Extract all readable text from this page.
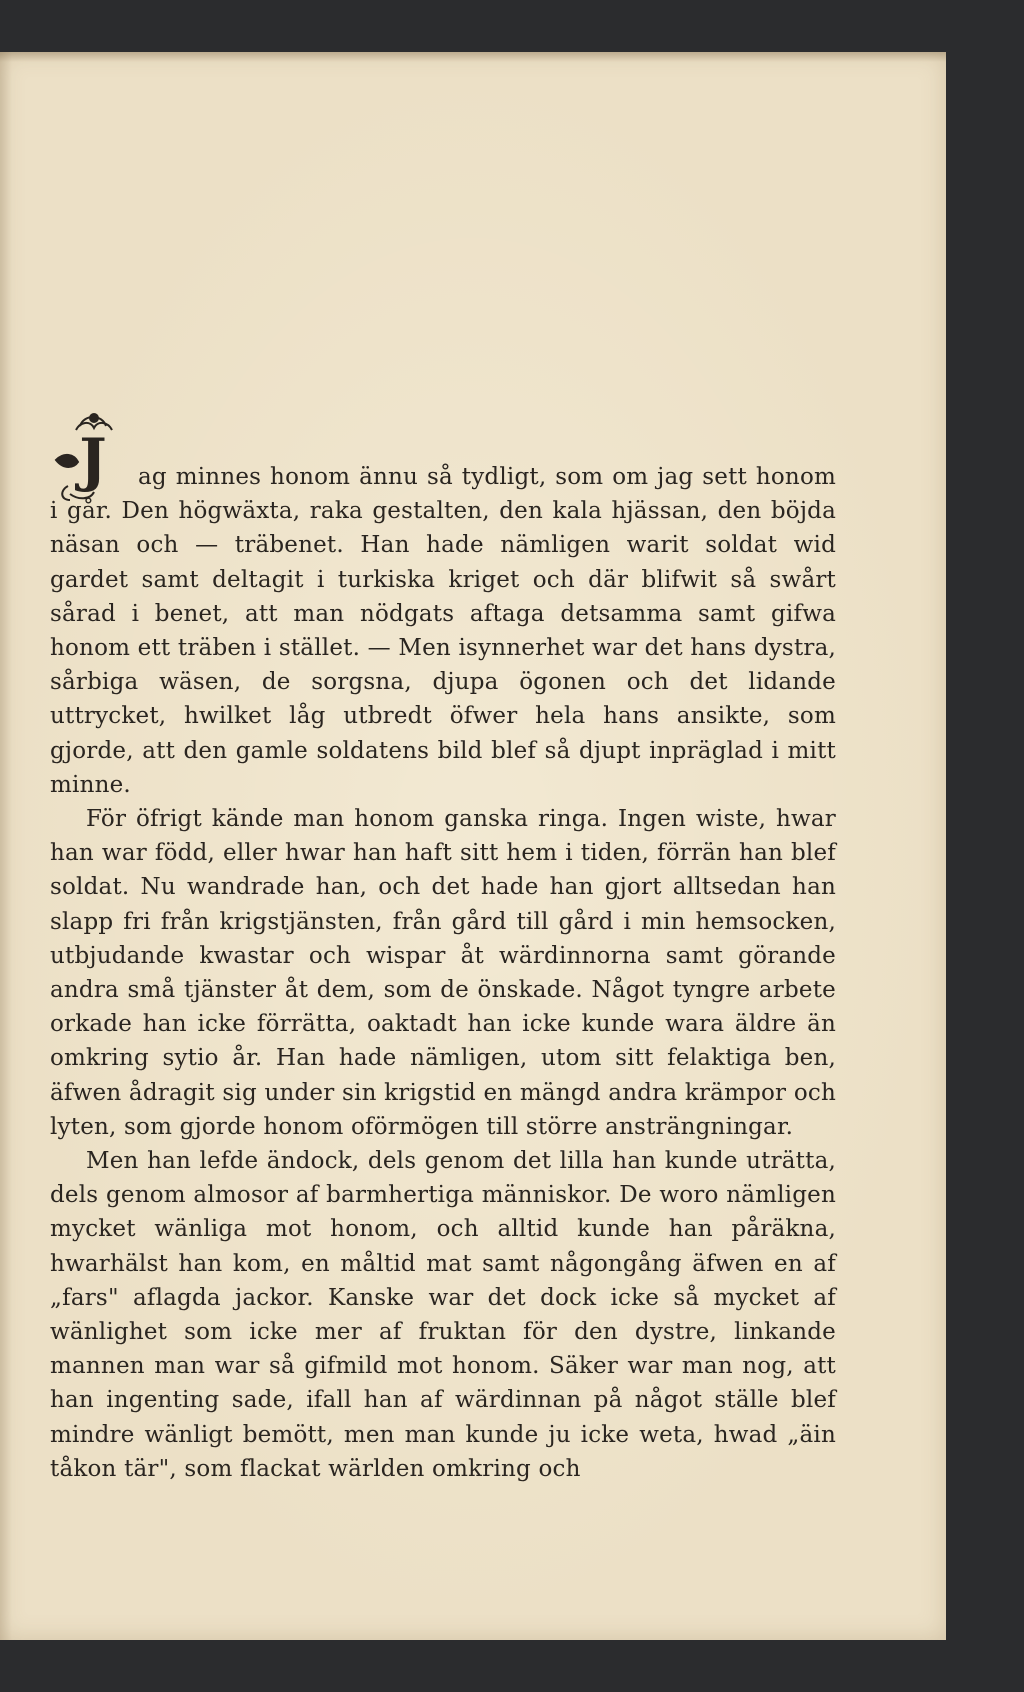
J	ag minnes honom ännu så tydligt, som om jag sett honom i går. Den högwäxta, raka gestalten, den kala hjässan, den böjda näsan och — träbenet. Han hade nämligen warit soldat wid gardet samt deltagit i turkiska kriget och där blifwit så swårt sårad i benet, att man nödgats aftaga detsamma samt gifwa honom ett träben i stället. — Men isynnerhet war det hans dystra, sårbiga wäsen, de sorgsna, djupa ögonen och det lidande uttrycket, hwilket låg utbredt öfwer hela hans ansikte, som gjorde, att den gamle soldatens bild blef så djupt inpräglad i mitt minne.

För öfrigt kände man honom ganska ringa. Ingen wiste, hwar han war född, eller hwar han haft sitt hem i tiden, förrän han blef soldat. Nu wandrade han, och det hade han gjort alltsedan han slapp fri från krigstjänsten, från gård till gård i min hemsocken, utbjudande kwastar och wispar åt wärdinnorna samt görande andra små tjänster åt dem, som de önskade. Något tyngre arbete orkade han icke förrätta, oaktadt han icke kunde wara äldre än omkring sytio år. Han hade nämligen, utom sitt felaktiga ben, äfwen ådragit sig under sin krigstid en mängd andra krämpor och lyten, som gjorde honom oförmögen till större ansträngningar.

Men han lefde ändock, dels genom det lilla han kunde uträtta, dels genom almosor af barmhertiga människor. De woro nämligen mycket wänliga mot honom, och alltid kunde han påräkna, hwarhälst han kom, en måltid mat samt någongång äfwen en af „fars" aflagda jackor. Kanske war det dock icke så mycket af wänlighet som icke mer af fruktan för den dystre, linkande mannen man war så gifmild mot honom. Säker war man nog, att han ingenting sade, ifall han af wärdinnan på något ställe blef mindre wänligt bemött, men man kunde ju icke weta, hwad „äin tåkon tär", som flackat wärlden omkring och
